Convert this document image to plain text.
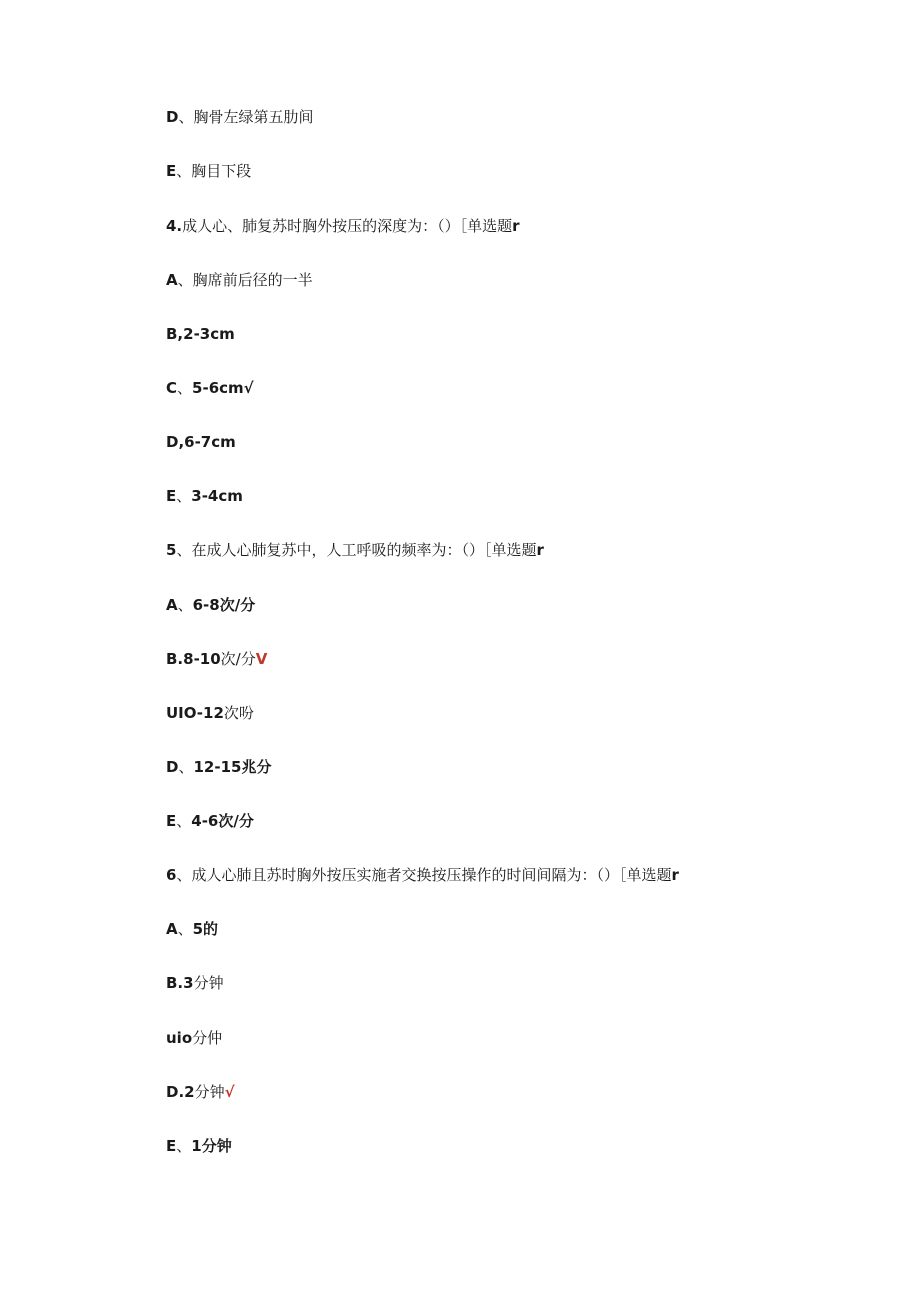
D、胸骨左绿第五肋间
E、胸目下段
4.成人心、肺复苏时胸外按压的深度为：（）［单选题r
A、胸席前后径的一半
B,2-3cm
C、5-6cm√
D,6-7cm
E、3-4cm
5、在成人心肺复苏中，人工呼吸的频率为：（）［单选题r
A、6-8次/分
B.8-10次/分V
UIO-12次吩
D、12-15兆分
E、4-6次/分
6、成人心肺且苏时胸外按压实施者交换按压操作的时间间隔为：（）［单选题r
A、5的
B.3分钟
uio分仲
D.2分钟√
E、1分钟
